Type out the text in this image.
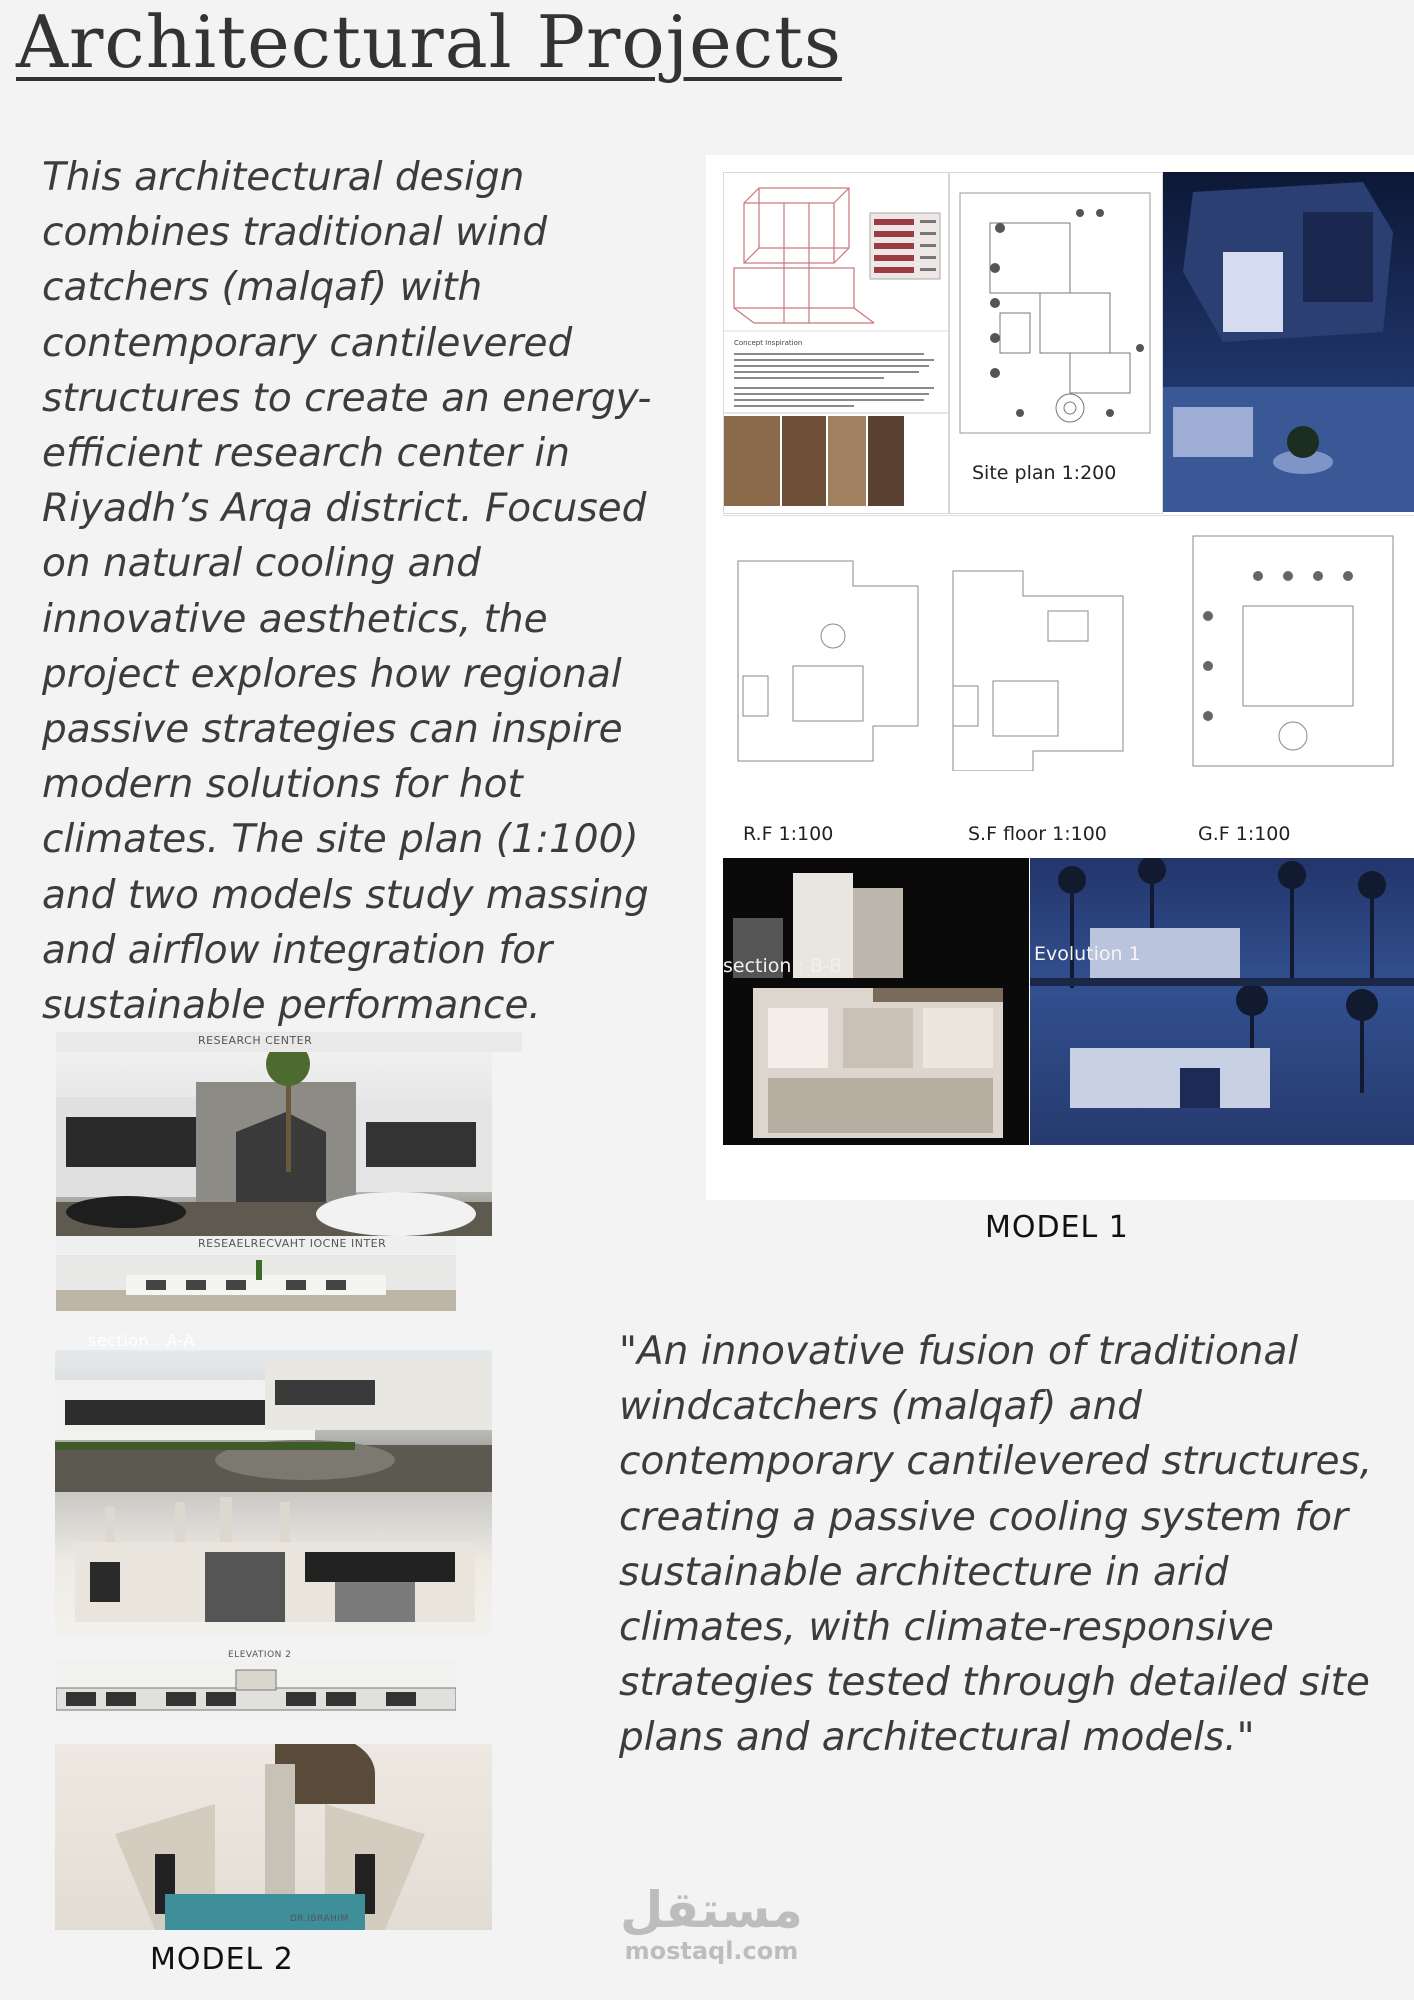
Architectural Projects
This architectural design combines traditional wind catchers (malqaf) with contemporary cantilevered structures to create an energy-efficient research center in Riyadh’s Arqa district. Focused on natural cooling and innovative aesthetics, the project explores how regional passive strategies can inspire modern solutions for hot climates. The site plan (1:100) and two models study massing and airflow integration for sustainable performance.
Concept Inspiration
Site plan 1:200
R.F 1:100	S.F floor 1:100	G.F 1:100
section : B-B
Evolution 1
MODEL 1
RESEARCH CENTER
RESEAELRECVAHT IOCNE INTER
section : A-A
ELEVATION 2
DR.IBRAHIM
MODEL 2
"An innovative fusion of traditional windcatchers (malqaf) and contemporary cantilevered structures, creating a passive cooling system for sustainable architecture in arid climates, with climate-responsive strategies tested through detailed site plans and architectural models."
مستقل
mostaql.com
